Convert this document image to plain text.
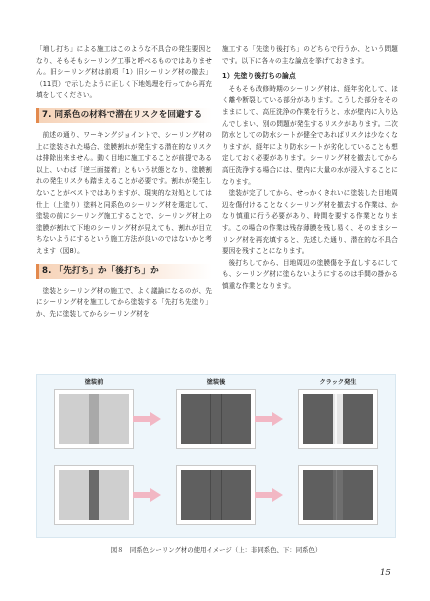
「増し打ち」による施工はこのような不具合の発生要因となり、そもそもシーリング工事と呼べるものではありません。旧シーリング材は前項「1）旧シーリング材の撤去」（11頁）で示したように正しく下地処理を行ってから再充填をしてください。

7. 同系色の材料で潜在リスクを回避する

前述の通り、ワーキングジョイントで、シーリング材の上に塗装された場合、塗膜割れが発生する潜在的なリスクは排除出来ません。動く目地に施工することが前提である以上、いわば「逆三面接着」ともいう状態となり、塗膜割れの発生リスクも踏まえることが必要です。割れが発生しないことがベストではありますが、現実的な対処としては仕上（上塗り）塗料と同系色のシーリング材を選定して、塗装の前にシーリング施工することで、シーリング材上の塗膜が割れて下地のシーリング材が見えても、割れが目立ちないようにするという施工方法が良いのではないかと考えます（図8）。

8. 「先打ち」か「後打ち」か

塗装とシーリング材の施工で、よく議論になるのが、先にシーリング材を施工してから塗装する「先打ち先塗り」か、先に塗装してからシーリング材を

施工する「先塗り後打ち」のどちらで行うか、という問題です。以下に各々の主な論点を挙げておきます。

1）先塗り後打ちの論点

そもそも改修時期のシーリング材は、経年劣化して、ほく離や断裂している部分があります。こうした部分をそのままにして、高圧洗浄の作業を行うと、水が壁内に入り込んでしまい、別の問題が発生するリスクがあります。二次防水としての防水シートが健全であればリスクは少なくなりますが、経年により防水シートが劣化していることも想定しておく必要があります。シーリング材を撤去してから高圧洗浄する場合には、壁内に大量の水が浸入することになります。

塗装が完了してから、せっかくきれいに塗装した目地周辺を傷付けることなくシーリング材を撤去する作業は、かなり慎重に行う必要があり、時間を要する作業となります。この場合の作業は残存薄膜を残し易く、そのままシーリング材を再充填すると、先述した通り、潜在的な不具合要因を残すことになります。

後打ちしてから、目地周辺の塗膜傷を予直しするにしても、シーリング材に塗らないようにするのは手間の掛かる慎重な作業となります。

塗装前	塗装後	クラック発生
図８　同系色シーリング材の使用イメージ（上：非同系色、下：同系色）
15
